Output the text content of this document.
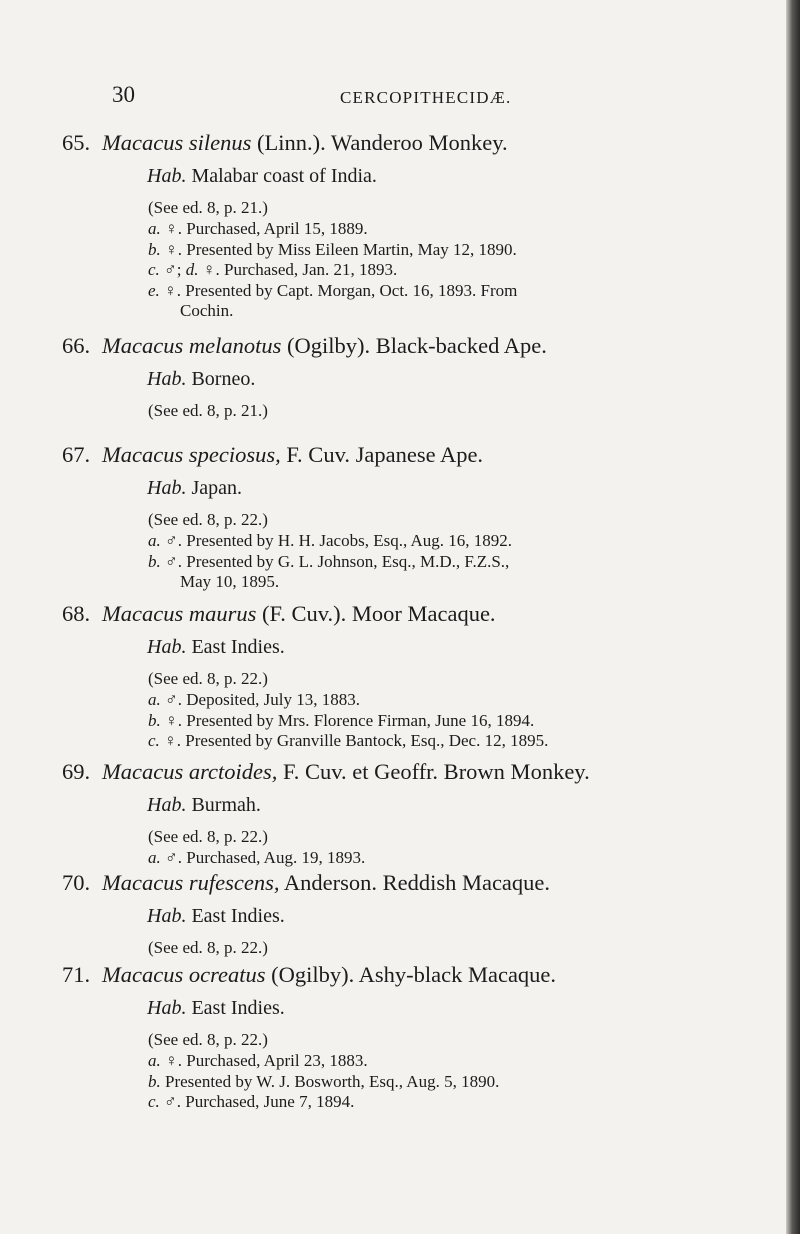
30	CERCOPITHECIDÆ.
65. Macacus silenus (Linn.). Wanderoo Monkey.
Hab. Malabar coast of India.
(See ed. 8, p. 21.)
a. ♀. Purchased, April 15, 1889.
b. ♀. Presented by Miss Eileen Martin, May 12, 1890.
c. ♂; d. ♀. Purchased, Jan. 21, 1893.
e. ♀. Presented by Capt. Morgan, Oct. 16, 1893. From
Cochin.
66. Macacus melanotus (Ogilby). Black-backed Ape.
Hab. Borneo.
(See ed. 8, p. 21.)
67. Macacus speciosus, F. Cuv. Japanese Ape.
Hab. Japan.
(See ed. 8, p. 22.)
a. ♂. Presented by H. H. Jacobs, Esq., Aug. 16, 1892.
b. ♂. Presented by G. L. Johnson, Esq., M.D., F.Z.S.,
May 10, 1895.
68. Macacus maurus (F. Cuv.). Moor Macaque.
Hab. East Indies.
(See ed. 8, p. 22.)
a. ♂. Deposited, July 13, 1883.
b. ♀. Presented by Mrs. Florence Firman, June 16, 1894.
c. ♀. Presented by Granville Bantock, Esq., Dec. 12, 1895.
69. Macacus arctoides, F. Cuv. et Geoffr. Brown Monkey.
Hab. Burmah.
(See ed. 8, p. 22.)
a. ♂. Purchased, Aug. 19, 1893.
70. Macacus rufescens, Anderson. Reddish Macaque.
Hab. East Indies.
(See ed. 8, p. 22.)
71. Macacus ocreatus (Ogilby). Ashy-black Macaque.
Hab. East Indies.
(See ed. 8, p. 22.)
a. ♀. Purchased, April 23, 1883.
b. Presented by W. J. Bosworth, Esq., Aug. 5, 1890.
c. ♂. Purchased, June 7, 1894.
